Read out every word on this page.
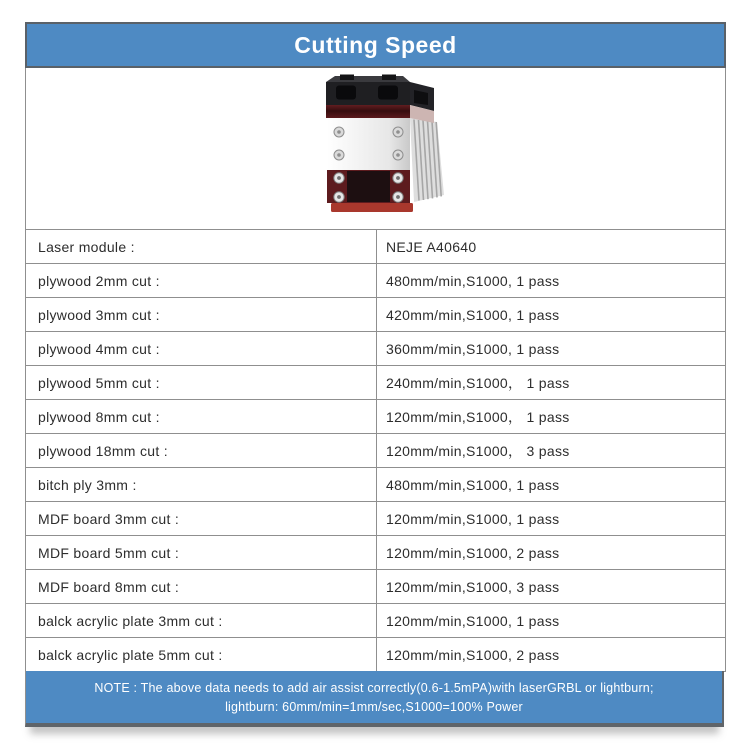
Cutting Speed
Laser module :	NEJE A40640
plywood 2mm cut :	480mm/min,S1000, 1 pass
plywood 3mm cut :	420mm/min,S1000, 1 pass
plywood 4mm cut :	360mm/min,S1000, 1 pass
plywood 5mm cut :	240mm/min,S1000， 1 pass
plywood 8mm cut :	120mm/min,S1000， 1 pass
plywood 18mm cut :	120mm/min,S1000， 3 pass
bitch ply 3mm :	480mm/min,S1000, 1 pass
MDF board 3mm cut :	120mm/min,S1000, 1 pass
MDF board 5mm cut :	120mm/min,S1000, 2 pass
MDF board 8mm cut :	120mm/min,S1000, 3 pass
balck acrylic plate 3mm cut :	120mm/min,S1000, 1 pass
balck acrylic plate 5mm cut :	120mm/min,S1000, 2 pass
NOTE : The above data needs to add air assist correctly(0.6-1.5mPA)with laserGRBL or lightburn;
lightburn: 60mm/min=1mm/sec,S1000=100% Power
